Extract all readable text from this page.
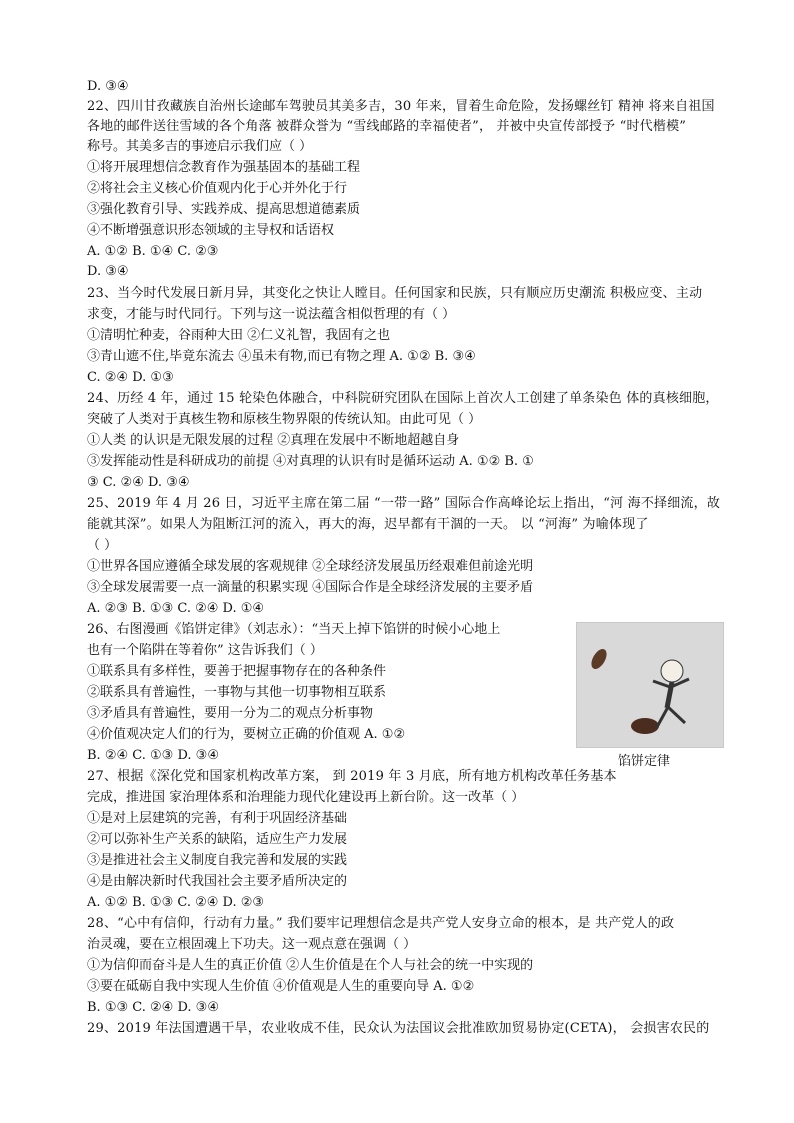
D. ③④
22、四川甘孜藏族自治州长途邮车驾驶员其美多吉，30 年来，冒着生命危险，发扬螺丝钉 精神 将来自祖国
各地的邮件送往雪域的各个角落 被群众誉为 “雪线邮路的幸福使者”， 并被中央宣传部授予 “时代楷模”
称号。其美多吉的事迹启示我们应（ ）
①将开展理想信念教育作为强基固本的基础工程
②将社会主义核心价值观内化于心并外化于行
③强化教育引导、实践养成、提高思想道德素质
④不断增强意识形态领域的主导权和话语权
A. ①② B. ①④ C. ②③
D. ③④
23、当今时代发展日新月异，其变化之快让人瞠目。任何国家和民族，只有顺应历史潮流 积极应变、主动
求变，才能与时代同行。下列与这一说法蕴含相似哲理的有（ ）
①清明忙种麦，谷雨种大田 ②仁义礼智，我固有之也
③青山遮不住,毕竟东流去 ④虽未有物,而已有物之理 A. ①② B. ③④
C. ②④ D. ①③
24、历经 4 年，通过 15 轮染色体融合，中科院研究团队在国际上首次人工创建了单条染色 体的真核细胞，
突破了人类对于真核生物和原核生物界限的传统认知。由此可见（ ）
①人类 的认识是无限发展的过程 ②真理在发展中不断地超越自身
③发挥能动性是科研成功的前提 ④对真理的认识有时是循环运动 A. ①② B. ①
③ C. ②④ D. ③④
25、2019 年 4 月 26 日，习近平主席在第二届 “一带一路” 国际合作高峰论坛上指出，“河 海不择细流，故
能就其深”。如果人为阻断江河的流入，再大的海，迟早都有干涸的一天。 以 “河海” 为喻体现了
（ ）
①世界各国应遵循全球发展的客观规律 ②全球经济发展虽历经艰难但前途光明
③全球发展需要一点一滴量的积累实现 ④国际合作是全球经济发展的主要矛盾
A. ②③ B. ①③ C. ②④ D. ①④
26、右图漫画《馅饼定律》（刘志永）：“当天上掉下馅饼的时候小心地上
也有一个陷阱在等着你” 这告诉我们（ ）
①联系具有多样性，要善于把握事物存在的各种条件
②联系具有普遍性，一事物与其他一切事物相互联系
③矛盾具有普遍性，要用一分为二的观点分析事物
④价值观决定人们的行为，要树立正确的价值观 A. ①②
B. ②④ C. ①③ D. ③④	馅饼定律
27、根据《深化党和国家机构改革方案， 到 2019 年 3 月底，所有地方机构改革任务基本
完成，推进国 家治理体系和治理能力现代化建设再上新台阶。这一改革（ ）
①是对上层建筑的完善，有利于巩固经济基础
②可以弥补生产关系的缺陷，适应生产力发展
③是推进社会主义制度自我完善和发展的实践
④是由解决新时代我国社会主要矛盾所决定的
A. ①② B. ①③ C. ②④ D. ②③
28、“心中有信仰，行动有力量。” 我们要牢记理想信念是共产党人安身立命的根本，是 共产党人的政
治灵魂，要在立根固魂上下功夫。这一观点意在强调（ ）
①为信仰而奋斗是人生的真正价值 ②人生价值是在个人与社会的统一中实现的
③要在砥砺自我中实现人生价值 ④价值观是人生的重要向导 A. ①②
B. ①③ C. ②④ D. ③④
29、2019 年法国遭遇干旱，农业收成不佳，民众认为法国议会批准欧加贸易协定(CETA)， 会损害农民的
